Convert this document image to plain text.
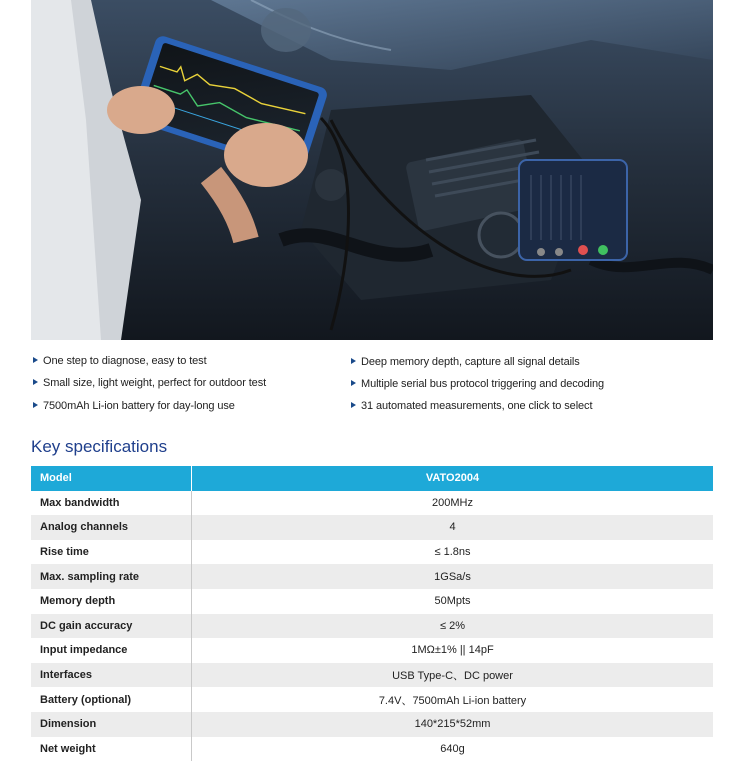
One step to diagnose, easy to test
Small size, light weight, perfect for outdoor test
7500mAh Li-ion battery for day-long use
Deep memory depth, capture all signal details
Multiple serial bus protocol triggering and decoding
31 automated measurements, one click to select
Key specifications
Model	VATO2004
Max bandwidth	200MHz
Analog channels	4
Rise time	≤ 1.8ns
Max. sampling rate	1GSa/s
Memory depth	50Mpts
DC gain accuracy	≤ 2%
Input impedance	1MΩ±1% || 14pF
Interfaces	USB Type-C、DC power
Battery (optional)	7.4V、7500mAh Li-ion battery
Dimension	140*215*52mm
Net weight	640g
